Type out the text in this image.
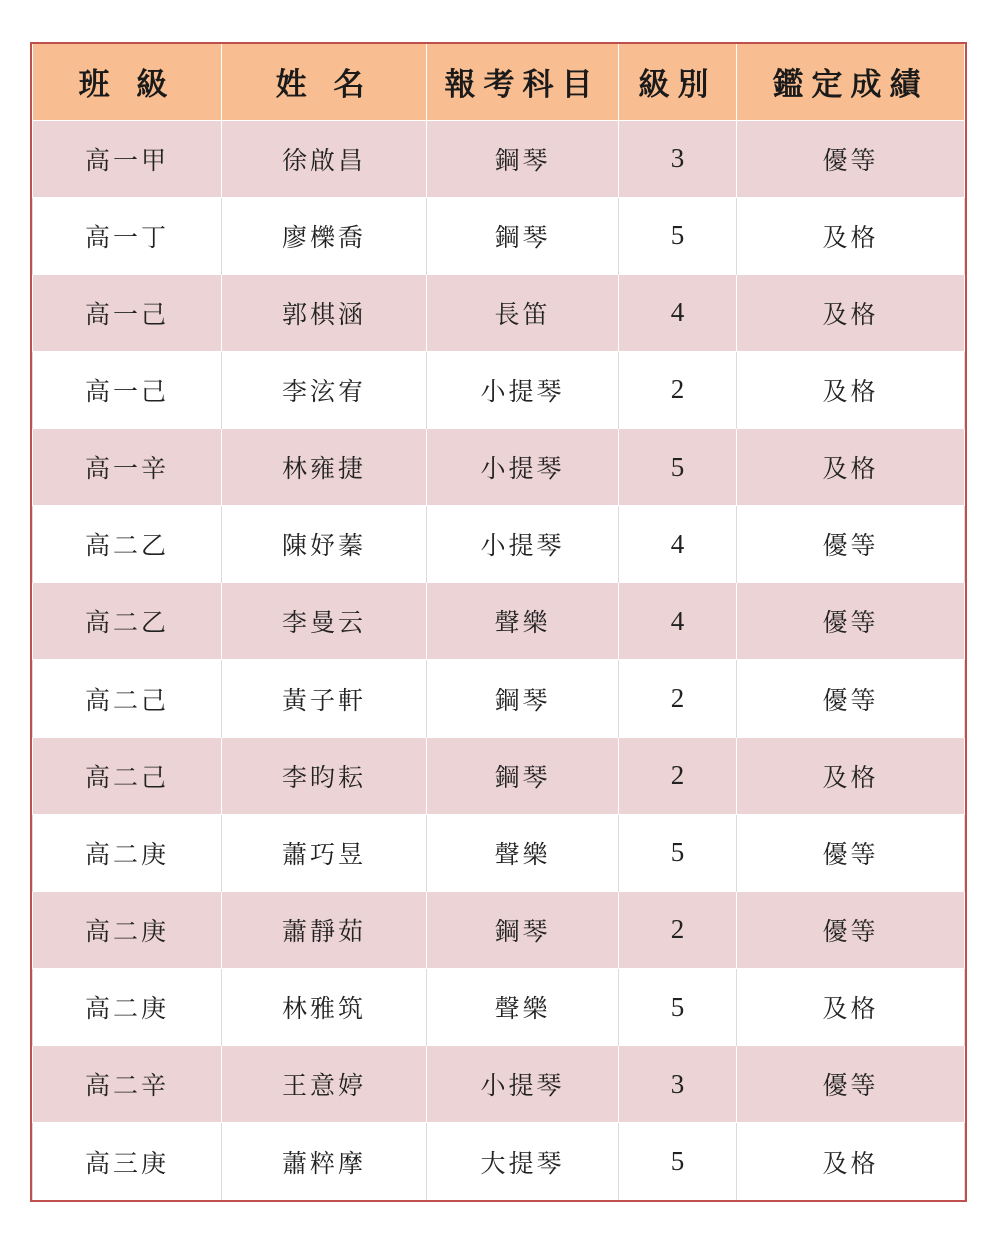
班 級	姓 名	報考科目	級別	鑑定成績
高一甲	徐啟昌	鋼琴	3	優等
高一丁	廖櫟喬	鋼琴	5	及格
高一己	郭棋涵	長笛	4	及格
高一己	李泫宥	小提琴	2	及格
高一辛	林雍捷	小提琴	5	及格
高二乙	陳妤蓁	小提琴	4	優等
高二乙	李曼云	聲樂	4	優等
高二己	黃子軒	鋼琴	2	優等
高二己	李昀耘	鋼琴	2	及格
高二庚	蕭巧昱	聲樂	5	優等
高二庚	蕭靜茹	鋼琴	2	優等
高二庚	林雅筑	聲樂	5	及格
高二辛	王意婷	小提琴	3	優等
高三庚	蕭粹摩	大提琴	5	及格
